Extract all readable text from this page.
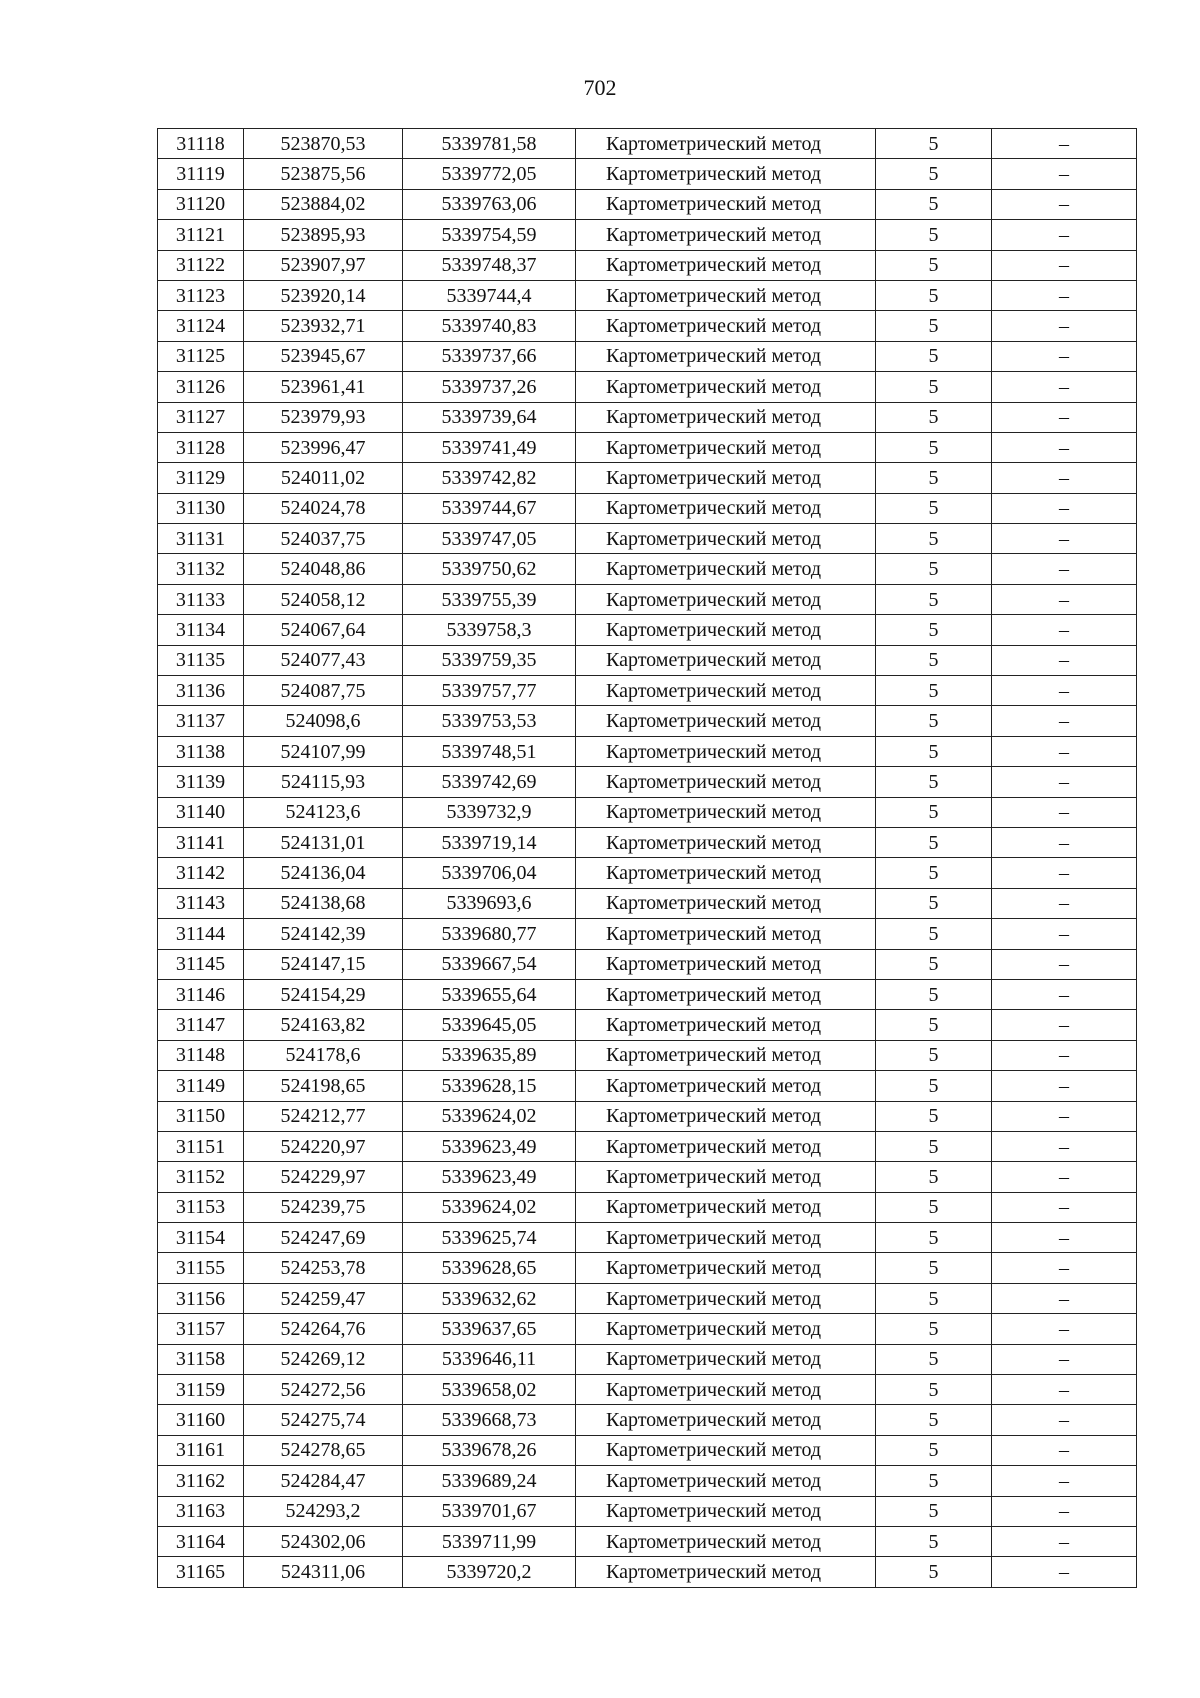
702
31118	523870,53	5339781,58	Картометрический метод	5	–
31119	523875,56	5339772,05	Картометрический метод	5	–
31120	523884,02	5339763,06	Картометрический метод	5	–
31121	523895,93	5339754,59	Картометрический метод	5	–
31122	523907,97	5339748,37	Картометрический метод	5	–
31123	523920,14	5339744,4	Картометрический метод	5	–
31124	523932,71	5339740,83	Картометрический метод	5	–
31125	523945,67	5339737,66	Картометрический метод	5	–
31126	523961,41	5339737,26	Картометрический метод	5	–
31127	523979,93	5339739,64	Картометрический метод	5	–
31128	523996,47	5339741,49	Картометрический метод	5	–
31129	524011,02	5339742,82	Картометрический метод	5	–
31130	524024,78	5339744,67	Картометрический метод	5	–
31131	524037,75	5339747,05	Картометрический метод	5	–
31132	524048,86	5339750,62	Картометрический метод	5	–
31133	524058,12	5339755,39	Картометрический метод	5	–
31134	524067,64	5339758,3	Картометрический метод	5	–
31135	524077,43	5339759,35	Картометрический метод	5	–
31136	524087,75	5339757,77	Картометрический метод	5	–
31137	524098,6	5339753,53	Картометрический метод	5	–
31138	524107,99	5339748,51	Картометрический метод	5	–
31139	524115,93	5339742,69	Картометрический метод	5	–
31140	524123,6	5339732,9	Картометрический метод	5	–
31141	524131,01	5339719,14	Картометрический метод	5	–
31142	524136,04	5339706,04	Картометрический метод	5	–
31143	524138,68	5339693,6	Картометрический метод	5	–
31144	524142,39	5339680,77	Картометрический метод	5	–
31145	524147,15	5339667,54	Картометрический метод	5	–
31146	524154,29	5339655,64	Картометрический метод	5	–
31147	524163,82	5339645,05	Картометрический метод	5	–
31148	524178,6	5339635,89	Картометрический метод	5	–
31149	524198,65	5339628,15	Картометрический метод	5	–
31150	524212,77	5339624,02	Картометрический метод	5	–
31151	524220,97	5339623,49	Картометрический метод	5	–
31152	524229,97	5339623,49	Картометрический метод	5	–
31153	524239,75	5339624,02	Картометрический метод	5	–
31154	524247,69	5339625,74	Картометрический метод	5	–
31155	524253,78	5339628,65	Картометрический метод	5	–
31156	524259,47	5339632,62	Картометрический метод	5	–
31157	524264,76	5339637,65	Картометрический метод	5	–
31158	524269,12	5339646,11	Картометрический метод	5	–
31159	524272,56	5339658,02	Картометрический метод	5	–
31160	524275,74	5339668,73	Картометрический метод	5	–
31161	524278,65	5339678,26	Картометрический метод	5	–
31162	524284,47	5339689,24	Картометрический метод	5	–
31163	524293,2	5339701,67	Картометрический метод	5	–
31164	524302,06	5339711,99	Картометрический метод	5	–
31165	524311,06	5339720,2	Картометрический метод	5	–
